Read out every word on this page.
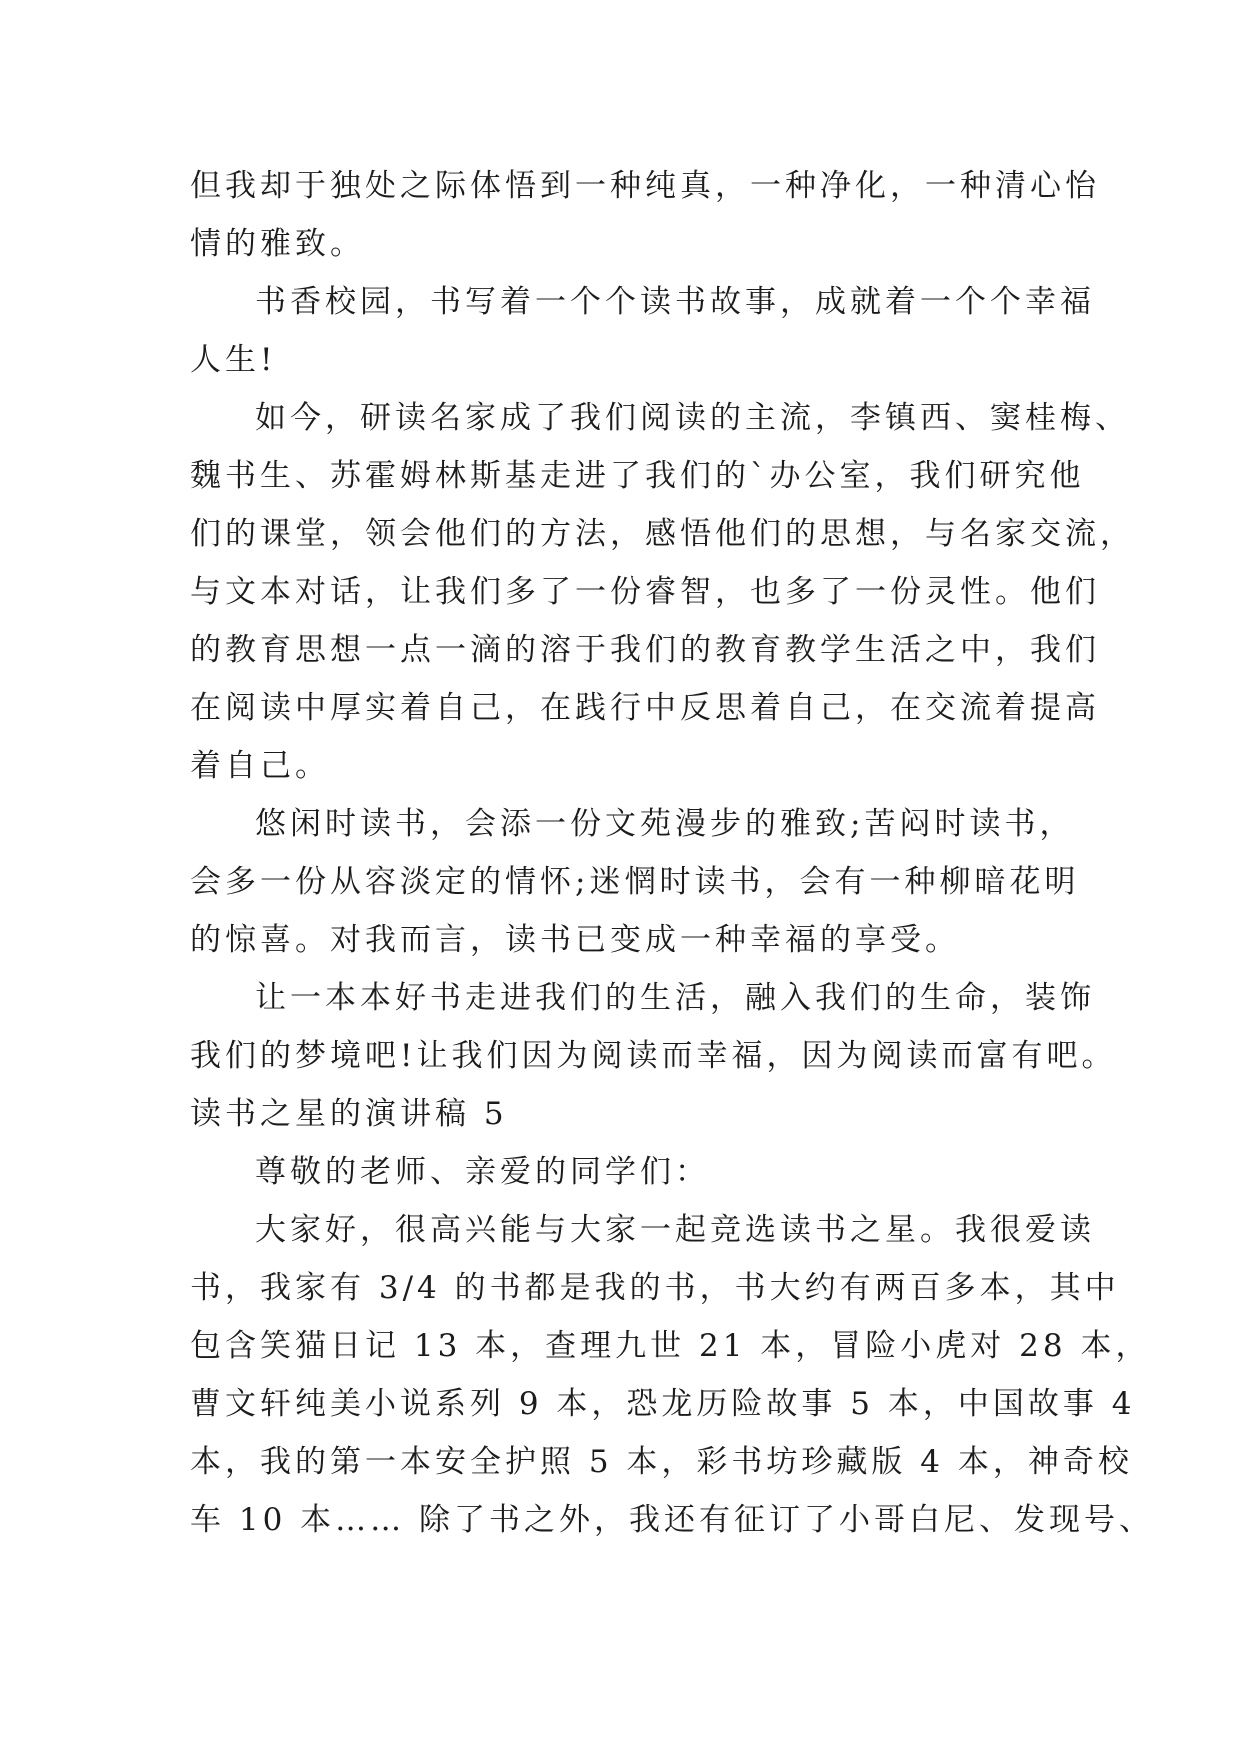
但我却于独处之际体悟到一种纯真，一种净化，一种清心怡
情的雅致。
书香校园，书写着一个个读书故事，成就着一个个幸福
人生!
如今，研读名家成了我们阅读的主流，李镇西、窦桂梅、
魏书生、苏霍姆林斯基走进了我们的`办公室，我们研究他
们的课堂，领会他们的方法，感悟他们的思想，与名家交流，
与文本对话，让我们多了一份睿智，也多了一份灵性。他们
的教育思想一点一滴的溶于我们的教育教学生活之中，我们
在阅读中厚实着自己，在践行中反思着自己，在交流着提高
着自己。
悠闲时读书，会添一份文苑漫步的雅致;苦闷时读书，
会多一份从容淡定的情怀;迷惘时读书，会有一种柳暗花明
的惊喜。对我而言，读书已变成一种幸福的享受。
让一本本好书走进我们的生活，融入我们的生命，装饰
我们的梦境吧!让我们因为阅读而幸福，因为阅读而富有吧。
读书之星的演讲稿 5
尊敬的老师、亲爱的同学们：
大家好，很高兴能与大家一起竞选读书之星。我很爱读
书，我家有 3/4 的书都是我的书，书大约有两百多本，其中
包含笑猫日记 13 本，查理九世 21 本，冒险小虎对 28 本，
曹文轩纯美小说系列 9 本，恐龙历险故事 5 本，中国故事 4
本，我的第一本安全护照 5 本，彩书坊珍藏版 4 本，神奇校
车 10 本…… 除了书之外，我还有征订了小哥白尼、发现号、
